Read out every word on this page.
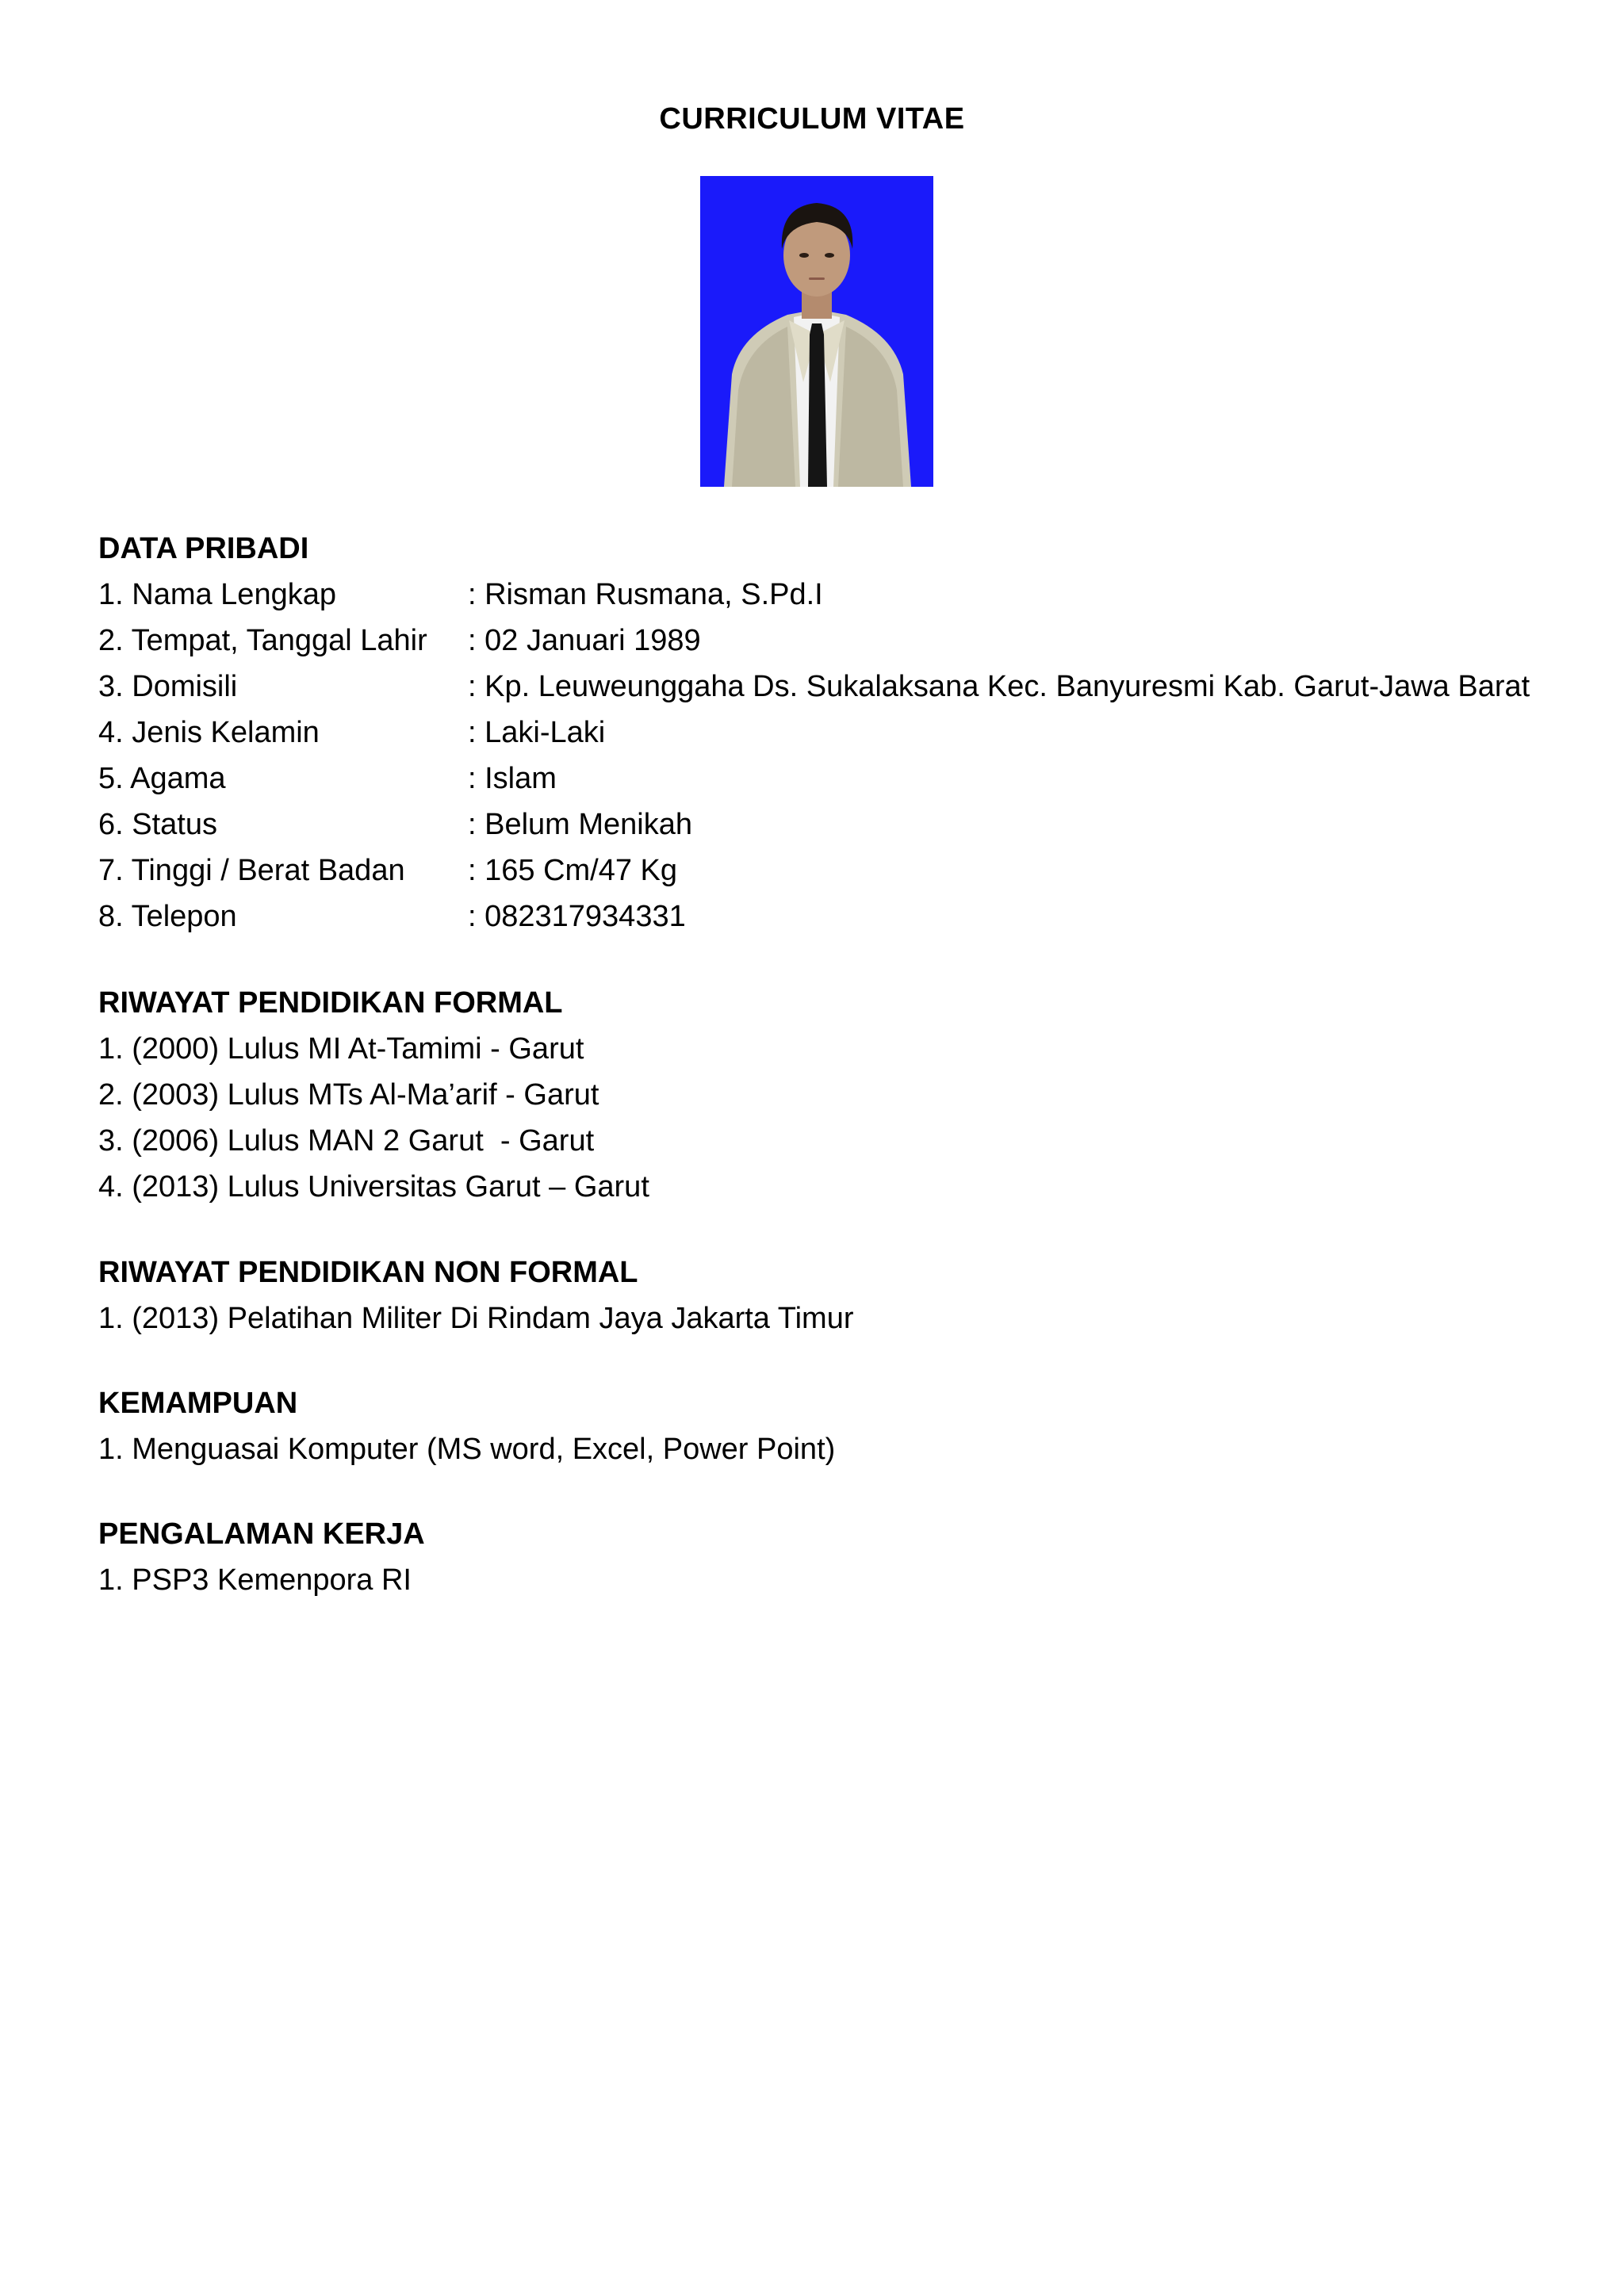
CURRICULUM VITAE
DATA PRIBADI
1. Nama Lengkap	: Risman Rusmana, S.Pd.I
2. Tempat, Tanggal Lahir : 02 Januari 1989
3. Domisili	: Kp. Leuweunggaha Ds. Sukalaksana Kec. Banyuresmi Kab. Garut-Jawa Barat
4. Jenis Kelamin	: Laki-Laki
5. Agama	: Islam
6. Status	: Belum Menikah
7. Tinggi / Berat Badan : 165 Cm/47 Kg
8. Telepon	: 082317934331
RIWAYAT PENDIDIKAN FORMAL
1. (2000) Lulus MI At-Tamimi - Garut
2. (2003) Lulus MTs Al-Ma’arif - Garut
3. (2006) Lulus MAN 2 Garut  - Garut
4. (2013) Lulus Universitas Garut – Garut
RIWAYAT PENDIDIKAN NON FORMAL
1. (2013) Pelatihan Militer Di Rindam Jaya Jakarta Timur
KEMAMPUAN
1. Menguasai Komputer (MS word, Excel, Power Point)
PENGALAMAN KERJA
1. PSP3 Kemenpora RI
